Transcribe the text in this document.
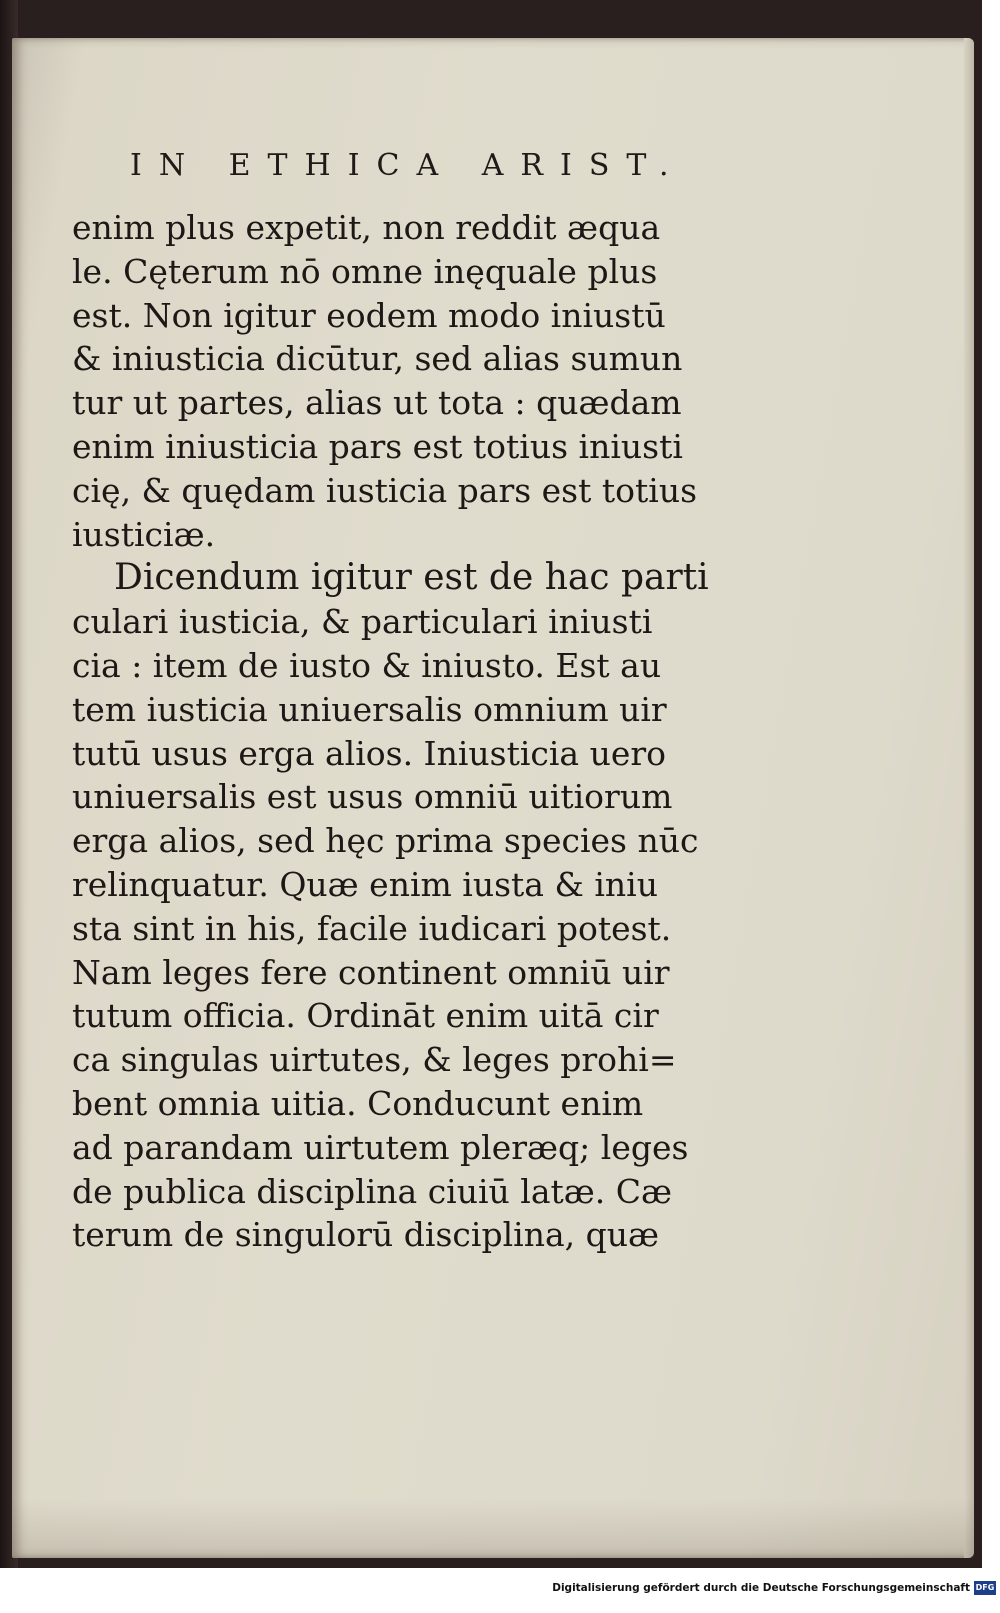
IN ETHICA ARIST.
enim plus expetit, non reddit æqua
le. Cęterum nō omne inęquale plus
est. Non igitur eodem modo iniustū
& iniusticia dicūtur, sed alias sumun
tur ut partes, alias ut tota : quædam
enim iniusticia pars est totius iniusti
cię, & quędam iusticia pars est totius
iusticiæ.
Dicendum igitur est de hac parti
culari iusticia, & particulari iniusti
cia : item de iusto & iniusto. Est au
tem iusticia uniuersalis omnium uir
tutū usus erga alios. Iniusticia uero
uniuersalis est usus omniū uitiorum
erga alios, sed hęc prima species nūc
relinquatur. Quæ enim iusta & iniu
sta sint in his, facile iudicari potest.
Nam leges fere continent omniū uir
tutum officia. Ordināt enim uitā cir
ca singulas uirtutes, & leges prohi=
bent omnia uitia. Conducunt enim
ad parandam uirtutem pleræq; leges
de publica disciplina ciuiū latæ. Cæ
terum de singulorū disciplina, quæ
Digitalisierung gefördert durch die Deutsche Forschungsgemeinschaft DFG
